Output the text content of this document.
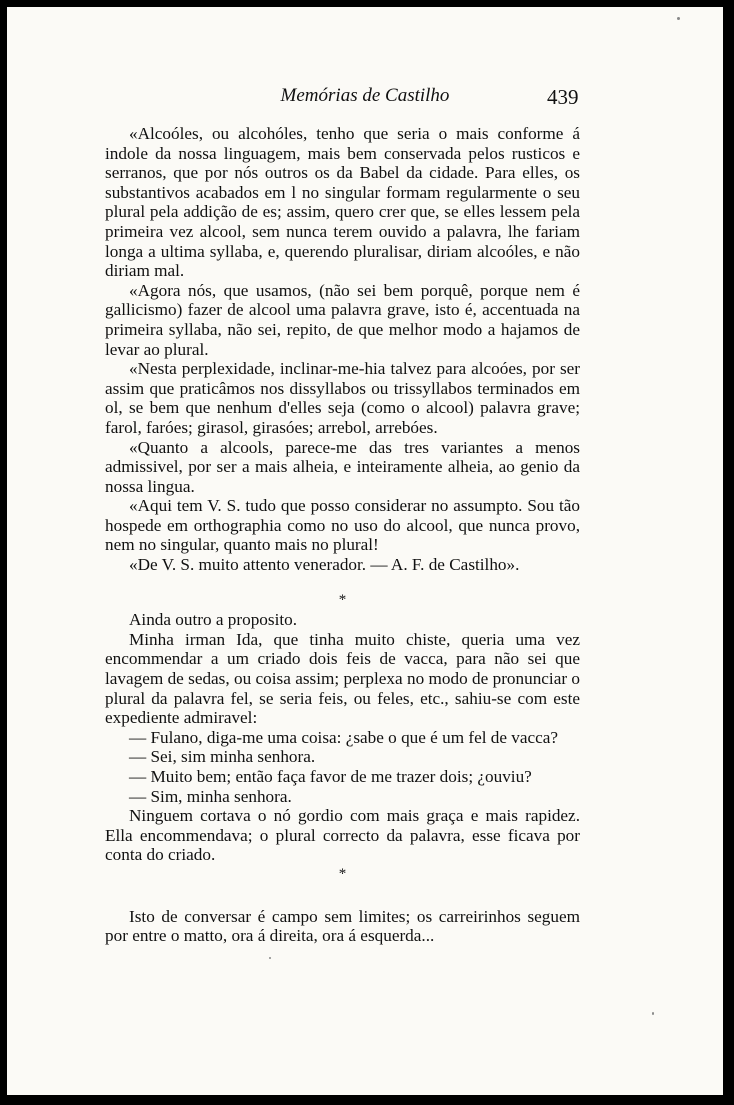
Memórias de Castilho	439

«Alcoóles, ou alcohóles, tenho que seria o mais conforme á indole da nossa linguagem, mais bem conservada pelos rusticos e serranos, que por nós outros os da Babel da cidade. Para elles, os substantivos acabados em l no singular formam regularmente o seu plural pela addição de es; assim, quero crer que, se elles lessem pela primeira vez alcool, sem nunca terem ouvido a palavra, lhe fariam longa a ultima syllaba, e, querendo pluralisar, diriam alcoóles, e não diriam mal.

«Agora nós, que usamos, (não sei bem porquê, porque nem é gallicismo) fazer de alcool uma palavra grave, isto é, accentuada na primeira syllaba, não sei, repito, de que melhor modo a hajamos de levar ao plural.

«Nesta perplexidade, inclinar-me-hia talvez para alcoóes, por ser assim que praticâmos nos dissyllabos ou trissyllabos terminados em ol, se bem que nenhum d'elles seja (como o alcool) palavra grave; farol, faróes; girasol, girasóes; arrebol, arrebóes.

«Quanto a alcools, parece-me das tres variantes a menos admissivel, por ser a mais alheia, e inteiramente alheia, ao genio da nossa lingua.

«Aqui tem V. S. tudo que posso considerar no assumpto. Sou tão hospede em orthographia como no uso do alcool, que nunca provo, nem no singular, quanto mais no plural!

«De V. S. muito attento venerador. — A. F. de Castilho».

*

Ainda outro a proposito.

Minha irman Ida, que tinha muito chiste, queria uma vez encommendar a um criado dois feis de vacca, para não sei que lavagem de sedas, ou coisa assim; perplexa no modo de pronunciar o plural da palavra fel, se seria feis, ou feles, etc., sahiu-se com este expediente admiravel:

— Fulano, diga-me uma coisa: ¿sabe o que é um fel de vacca?

— Sei, sim minha senhora.

— Muito bem; então faça favor de me trazer dois; ¿ouviu?

— Sim, minha senhora.

Ninguem cortava o nó gordio com mais graça e mais rapidez. Ella encommendava; o plural correcto da palavra, esse ficava por conta do criado.

*

Isto de conversar é campo sem limites; os carreirinhos seguem por entre o matto, ora á direita, ora á esquerda...
